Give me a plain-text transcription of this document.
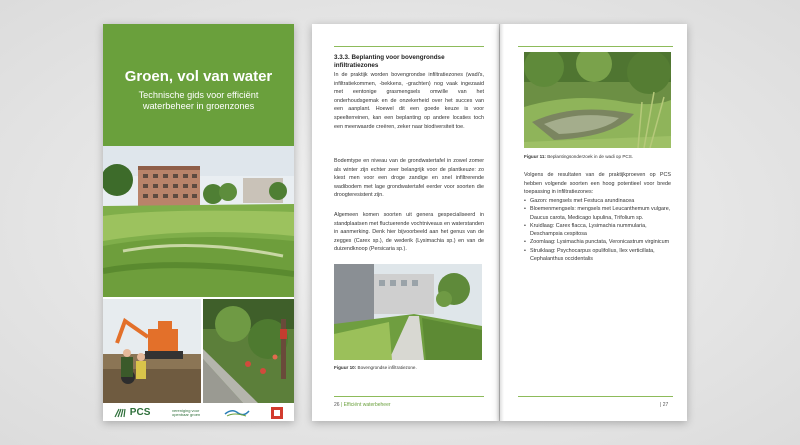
Groen, vol van water
Technische gids voor efficiënt
waterbeheer in groenzones
PCS	vereniging voor openbaar groen
3.3.3. Beplanting voor bovengrondse
infiltratiezones
In de praktijk worden bovengrondse infiltratiezones (wadi's, infiltratiekommen, -bekkens, -grachten) nog vaak ingezaaid met eentonige grasmengsels omwille van het onderhoudsgemak en de onzekerheid over het succes van een aanplant. Hoewel dit een goede keuze is voor speelterreinen, kan een beplanting op andere locaties toch een meerwaarde creëren, zeker naar biodiversiteit toe.
Bodemtype en niveau van de grondwatertafel in zowel zomer als winter zijn echter zeer belangrijk voor de plantkeuze: zo kiest men voor een droge zandige en snel infiltrerende wadibodem met lage grondwatertafel eerder voor soorten die droogteresistent zijn.
Algemeen komen soorten uit genera gespecialiseerd in standplaatsen met fluctuerende vochtniveaus en waterstanden in aanmerking. Denk hier bijvoorbeeld aan het genus van de zegges (Carex sp.), de wederik (Lysimachia sp.) en van de duizendknoop (Persicaria sp.).
Figuur 10: Bovengrondse infiltratiezone.
26 | Efficiënt waterbeheer
Figuur 11: Beplantingsonderzoek in de wadi op PCS.
Volgens de resultaten van de praktijkproeven op PCS hebben volgende soorten een hoog potentieel voor brede toepassing in infiltratiezones:
• Gazon: mengsels met Festuca arundinacea
• Bloemenmengsels: mengsels met Leucanthemum vulgare, Daucus carota, Medicago lupulina, Trifolium sp.
• Kruidlaag: Carex flacca, Lysimachia nummularia, Deschampsia cespitosa
• Zoomlaag: Lysimachia punctata, Veronicastrum virginicum
• Struiklaag: Psychocarpus opulifolius, Ilex verticillata, Cephalanthus occidentalis
| 27
